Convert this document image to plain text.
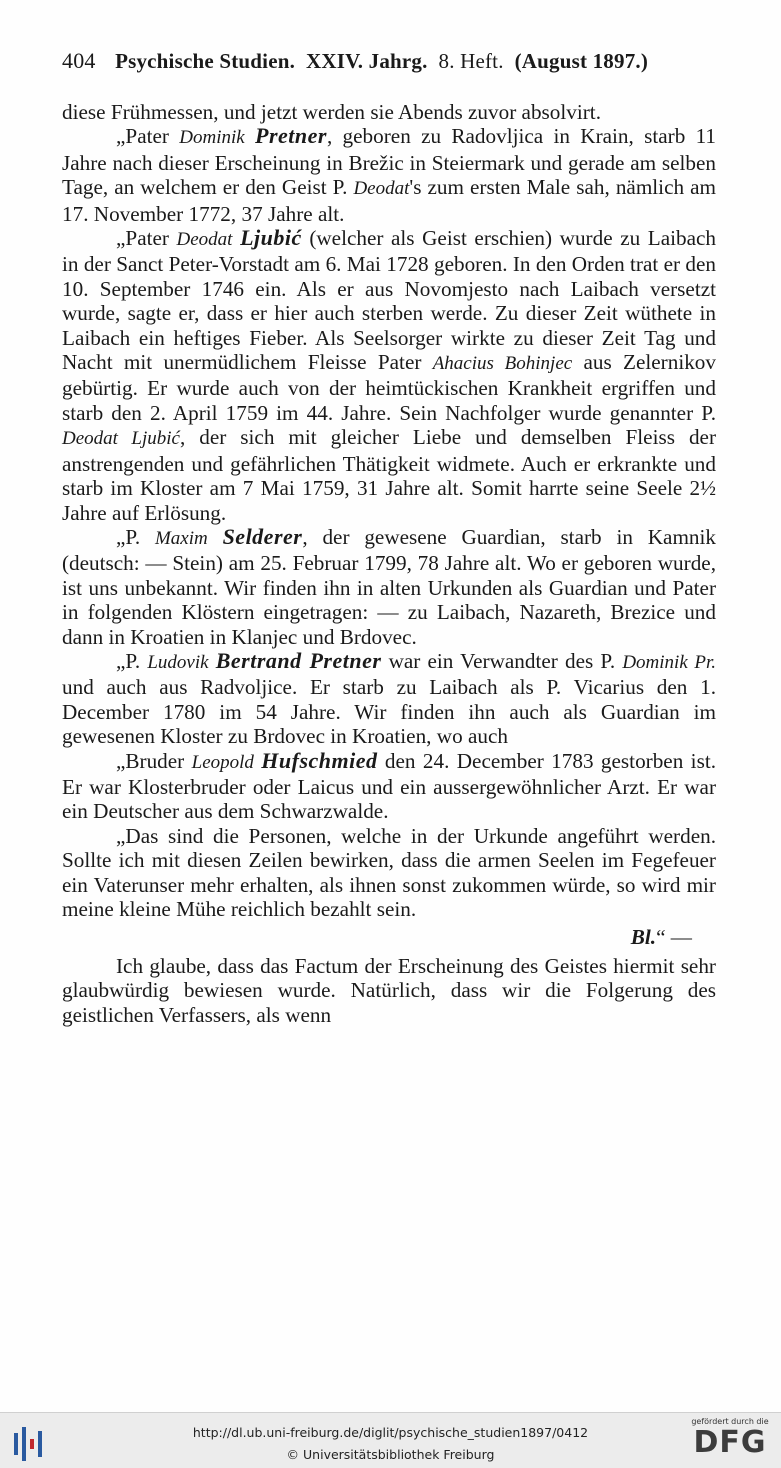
404 Psychische Studien. XXIV. Jahrg. 8. Heft. (August 1897.)

diese Frühmessen, und jetzt werden sie Abends zuvor absolvirt.

„Pater Dominik Pretner, geboren zu Radovljica in Krain, starb 11 Jahre nach dieser Erscheinung in Brežic in Steiermark und gerade am selben Tage, an welchem er den Geist P. Deodat's zum ersten Male sah, nämlich am 17. November 1772, 37 Jahre alt.

„Pater Deodat Ljubić (welcher als Geist erschien) wurde zu Laibach in der Sanct Peter-Vorstadt am 6. Mai 1728 geboren. In den Orden trat er den 10. September 1746 ein. Als er aus Novomjesto nach Laibach versetzt wurde, sagte er, dass er hier auch sterben werde. Zu dieser Zeit wüthete in Laibach ein heftiges Fieber. Als Seelsorger wirkte zu dieser Zeit Tag und Nacht mit unermüdlichem Fleisse Pater Ahacius Bohinjec aus Zelernikov gebürtig. Er wurde auch von der heimtückischen Krankheit ergriffen und starb den 2. April 1759 im 44. Jahre. Sein Nachfolger wurde genannter P. Deodat Ljubić, der sich mit gleicher Liebe und demselben Fleiss der anstrengenden und gefährlichen Thätigkeit widmete. Auch er erkrankte und starb im Kloster am 7 Mai 1759, 31 Jahre alt. Somit harrte seine Seele 2½ Jahre auf Erlösung.

„P. Maxim Selderer, der gewesene Guardian, starb in Kamnik (deutsch: — Stein) am 25. Februar 1799, 78 Jahre alt. Wo er geboren wurde, ist uns unbekannt. Wir finden ihn in alten Urkunden als Guardian und Pater in folgenden Klöstern eingetragen: — zu Laibach, Nazareth, Brezice und dann in Kroatien in Klanjec und Brdovec.

„P. Ludovik Bertrand Pretner war ein Verwandter des P. Dominik Pr. und auch aus Radvoljice. Er starb zu Laibach als P. Vicarius den 1. December 1780 im 54 Jahre. Wir finden ihn auch als Guardian im gewesenen Kloster zu Brdovec in Kroatien, wo auch

„Bruder Leopold Hufschmied den 24. December 1783 gestorben ist. Er war Klosterbruder oder Laicus und ein aussergewöhnlicher Arzt. Er war ein Deutscher aus dem Schwarzwalde.

„Das sind die Personen, welche in der Urkunde angeführt werden. Sollte ich mit diesen Zeilen bewirken, dass die armen Seelen im Fegefeuer ein Vaterunser mehr erhalten, als ihnen sonst zukommen würde, so wird mir meine kleine Mühe reichlich bezahlt sein.

Bl.“ —

Ich glaube, dass das Factum der Erscheinung des Geistes hiermit sehr glaubwürdig bewiesen wurde. Natürlich, dass wir die Folgerung des geistlichen Verfassers, als wenn

http://dl.ub.uni-freiburg.de/diglit/psychische_studien1897/0412
© Universitätsbibliothek Freiburg
gefördert durch die
DFG
